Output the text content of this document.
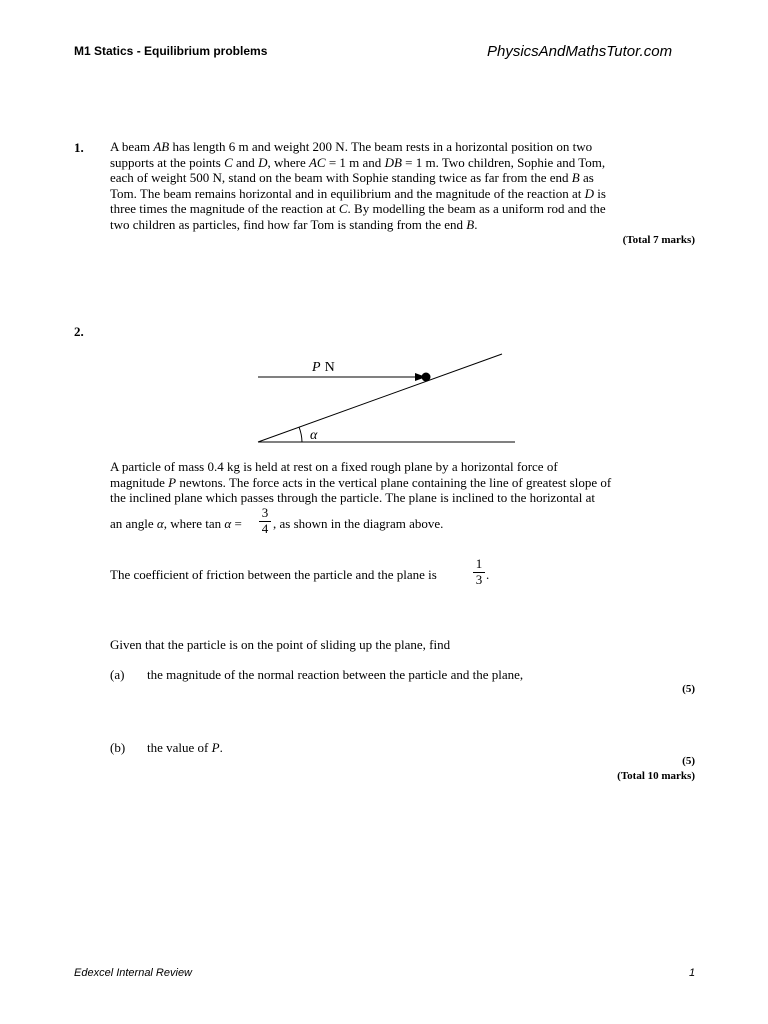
M1 Statics - Equilibrium problems	PhysicsAndMathsTutor.com
1. A beam AB has length 6 m and weight 200 N. The beam rests in a horizontal position on two
supports at the points C and D, where AC = 1 m and DB = 1 m. Two children, Sophie and Tom,
each of weight 500 N, stand on the beam with Sophie standing twice as far from the end B as
Tom. The beam remains horizontal and in equilibrium and the magnitude of the reaction at D is
three times the magnitude of the reaction at C. By modelling the beam as a uniform rod and the
two children as particles, find how far Tom is standing from the end B.
(Total 7 marks)
2.
P N
α
A particle of mass 0.4 kg is held at rest on a fixed rough plane by a horizontal force of
magnitude P newtons. The force acts in the vertical plane containing the line of greatest slope of
the inclined plane which passes through the particle. The plane is inclined to the horizontal at
an angle α, where tan α =
3
4 , as shown in the diagram above.
The coefficient of friction between the particle and the plane is
1
3 .
Given that the particle is on the point of sliding up the plane, find
(a) the magnitude of the normal reaction between the particle and the plane,
(5)
(b) the value of P.
(5)
(Total 10 marks)
Edexcel Internal Review	1
